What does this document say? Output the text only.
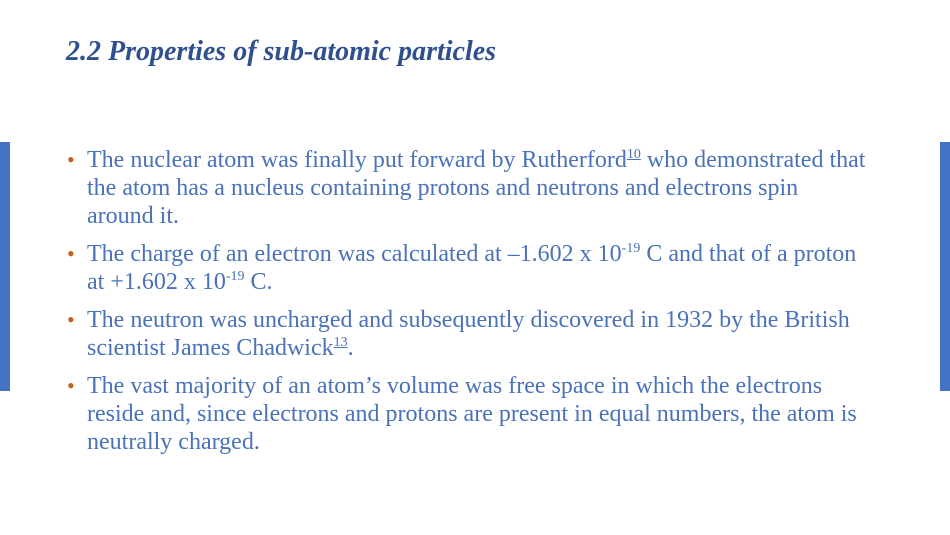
2.2 Properties of sub-atomic particles
• The nuclear atom was finally put forward by Rutherford$^{10}$ who demonstrated that the atom has a nucleus containing protons and neutrons and electrons spin around it.
• The charge of an electron was calculated at –1.602 x $10^{-19}$ C and that of a proton at +1.602 x $10^{-19}$ C.
• The neutron was uncharged and subsequently discovered in 1932 by the British scientist James Chadwick$^{13}$.
• The vast majority of an atom’s volume was free space in which the electrons reside and, since electrons and protons are present in equal numbers, the atom is neutrally charged.
